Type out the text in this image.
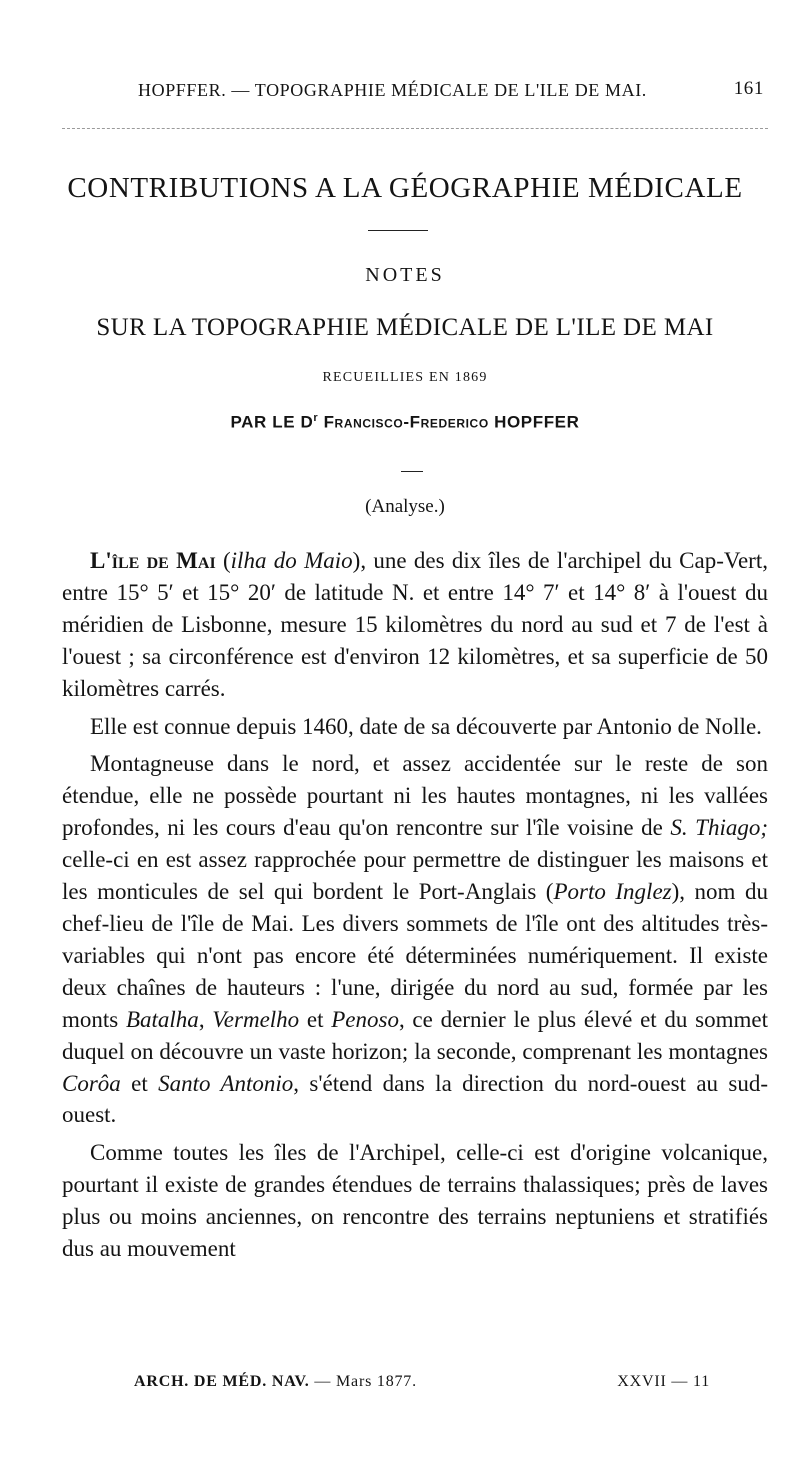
HOPFFER. — TOPOGRAPHIE MÉDICALE DE L'ILE DE MAI.	161
CONTRIBUTIONS A LA GÉOGRAPHIE MÉDICALE
NOTES
SUR LA TOPOGRAPHIE MÉDICALE DE L'ILE DE MAI
RECUEILLIES EN 1869
PAR LE $D^r$ Francisco-Frederico HOPFFER
(Analyse.)

L'île de Mai (ilha do Maio), une des dix îles de l'archipel du Cap-Vert, entre 15° 5′ et 15° 20′ de latitude N. et entre 14° 7′ et 14° 8′ à l'ouest du méridien de Lisbonne, mesure 15 kilomètres du nord au sud et 7 de l'est à l'ouest ; sa circonférence est d'environ 12 kilomètres, et sa superficie de 50 kilomètres carrés.

Elle est connue depuis 1460, date de sa découverte par Antonio de Nolle.

Montagneuse dans le nord, et assez accidentée sur le reste de son étendue, elle ne possède pourtant ni les hautes montagnes, ni les vallées profondes, ni les cours d'eau qu'on rencontre sur l'île voisine de S. Thiago; celle-ci en est assez rapprochée pour permettre de distinguer les maisons et les monticules de sel qui bordent le Port-Anglais (Porto Inglez), nom du chef-lieu de l'île de Mai. Les divers sommets de l'île ont des altitudes très-variables qui n'ont pas encore été déterminées numériquement. Il existe deux chaînes de hauteurs : l'une, dirigée du nord au sud, formée par les monts Batalha, Vermelho et Penoso, ce dernier le plus élevé et du sommet duquel on découvre un vaste horizon; la seconde, comprenant les montagnes Corôa et Santo Antonio, s'étend dans la direction du nord-ouest au sud-ouest.

Comme toutes les îles de l'Archipel, celle-ci est d'origine volcanique, pourtant il existe de grandes étendues de terrains thalassiques; près de laves plus ou moins anciennes, on rencontre des terrains neptuniens et stratifiés dus au mouvement

ARCH. DE MÉD. NAV. — Mars 1877.	XXVII — 11
